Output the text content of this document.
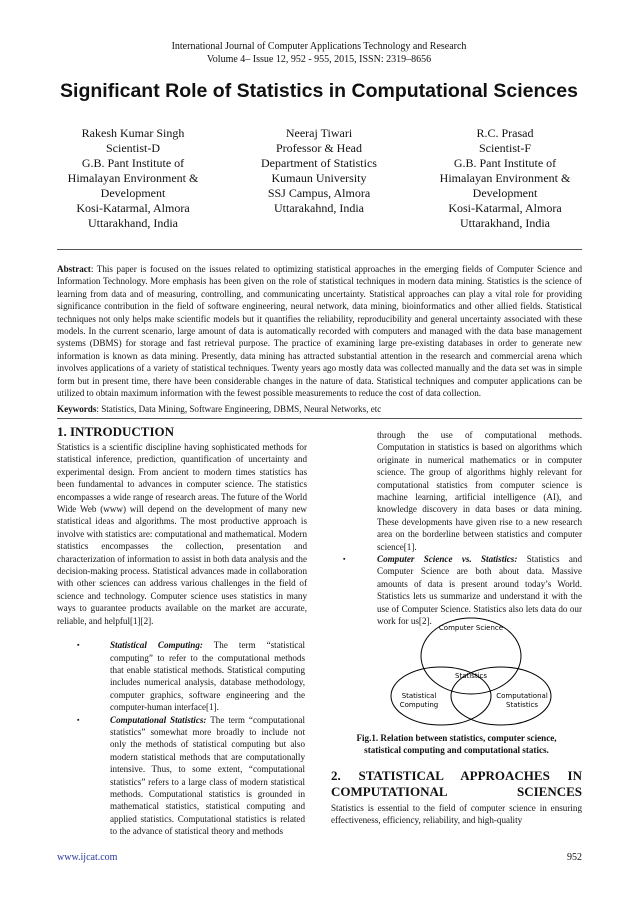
International Journal of Computer Applications Technology and Research
Volume 4– Issue 12, 952 - 955, 2015, ISSN: 2319–8656
Significant Role of Statistics in Computational Sciences
Rakesh Kumar Singh
Scientist-D
G.B. Pant Institute of
Himalayan Environment &
Development
Kosi-Katarmal, Almora
Uttarakhand, India
Neeraj Tiwari
Professor & Head
Department of Statistics
Kumaun University
SSJ Campus, Almora
Uttarakahnd, India
R.C. Prasad
Scientist-F
G.B. Pant Institute of
Himalayan Environment &
Development
Kosi-Katarmal, Almora
Uttarakhand, India
Abstract: This paper is focused on the issues related to optimizing statistical approaches in the emerging fields of Computer Science and Information Technology. More emphasis has been given on the role of statistical techniques in modern data mining. Statistics is the science of learning from data and of measuring, controlling, and communicating uncertainty. Statistical approaches can play a vital role for providing significance contribution in the field of software engineering, neural network, data mining, bioinformatics and other allied fields. Statistical techniques not only helps make scientific models but it quantifies the reliability, reproducibility and general uncertainty associated with these models. In the current scenario, large amount of data is automatically recorded with computers and managed with the data base management systems (DBMS) for storage and fast retrieval purpose. The practice of examining large pre-existing databases in order to generate new information is known as data mining. Presently, data mining has attracted substantial attention in the research and commercial arena which involves applications of a variety of statistical techniques. Twenty years ago mostly data was collected manually and the data set was in simple form but in present time, there have been considerable changes in the nature of data. Statistical techniques and computer applications can be utilized to obtain maximum information with the fewest possible measurements to reduce the cost of data collection.
Keywords: Statistics, Data Mining, Software Engineering, DBMS, Neural Networks, etc
1. INTRODUCTION

Statistics is a scientific discipline having sophisticated methods for statistical inference, prediction, quantification of uncertainty and experimental design. From ancient to modern times statistics has been fundamental to advances in computer science. The statistics encompasses a wide range of research areas. The future of the World Wide Web (www) will depend on the development of many new statistical ideas and algorithms. The most productive approach is involve with statistics are: computational and mathematical. Modern statistics encompasses the collection, presentation and characterization of information to assist in both data analysis and the decision-making process. Statistical advances made in collaboration with other sciences can address various challenges in the field of science and technology. Computer science uses statistics in many ways to guarantee products available on the market are accurate, reliable, and helpful[1][2].

▪	Statistical Computing: The term “statistical computing” to refer to the computational methods that enable statistical methods. Statistical computing includes numerical analysis, database methodology, computer graphics, software engineering and the computer-human interface[1].
▪	Computational Statistics: The term “computational statistics” somewhat more broadly to include not only the methods of statistical computing but also modern statistical methods that are computationally intensive. Thus, to some extent, “computational statistics” refers to a large class of modern statistical methods. Computational statistics is grounded in mathematical statistics, statistical computing and applied statistics. Computational statistics is related to the advance of statistical theory and methods

through the use of computational methods. Computation in statistics is based on algorithms which originate in numerical mathematics or in computer science. The group of algorithms highly relevant for computational statistics from computer science is machine learning, artificial intelligence (AI), and knowledge discovery in data bases or data mining. These developments have given rise to a new research area on the borderline between statistics and computer science[1].

▪	Computer Science vs. Statistics: Statistics and Computer Science are both about data. Massive amounts of data is present around today’s World. Statistics lets us summarize and understand it with the use of Computer Science. Statistics also lets data do our work for us[2].
Computer Science
Statistics
Statistical
Computing
Computational
Statistics
Fig.1. Relation between statistics, computer science, statistical computing and computational statics.
2. STATISTICAL APPROACHES IN COMPUTATIONAL SCIENCES

Statistics is essential to the field of computer science in ensuring effectiveness, efficiency, reliability, and high-quality

www.ijcat.com	952
